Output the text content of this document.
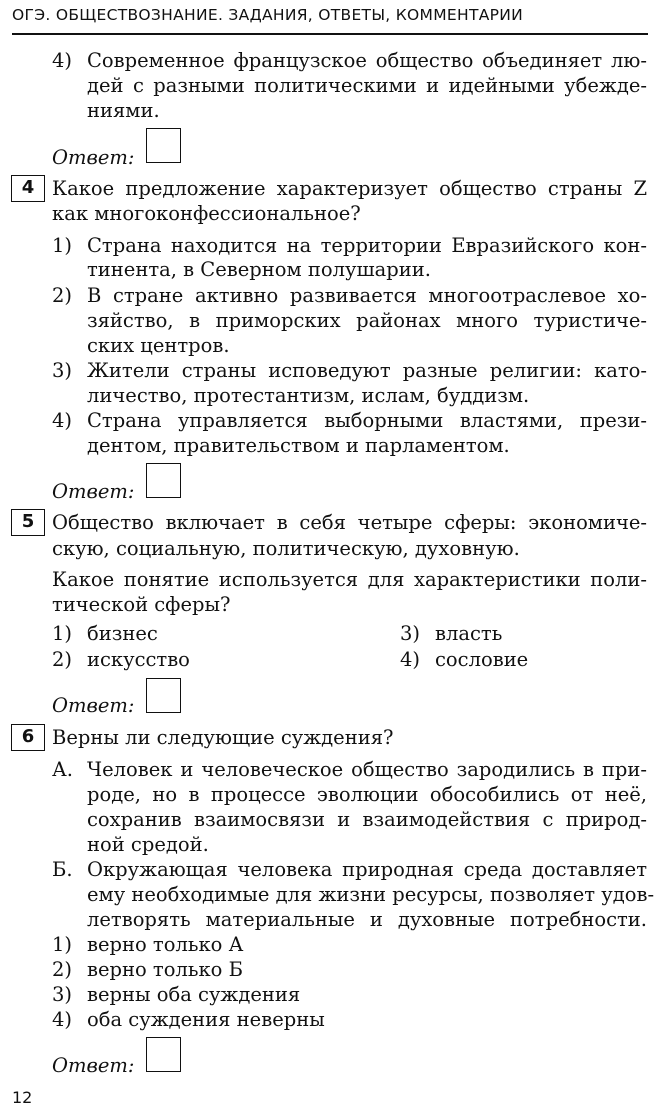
ОГЭ. ОБЩЕСТВОЗНАНИЕ. ЗАДАНИЯ, ОТВЕТЫ, КОММЕНТАРИИ
4) Современное французское общество объединяет лю-
дей с разными политическими и идейными убежде-
ниями.
Ответ:
4 Какое предложение характеризует общество страны Z
как многоконфессиональное?
1) Страна находится на территории Евразийского кон-
тинента, в Северном полушарии.
2) В стране активно развивается многоотраслевое хо-
зяйство, в приморских районах много туристиче-
ских центров.
3) Жители страны исповедуют разные религии: като-
личество, протестантизм, ислам, буддизм.
4) Страна управляется выборными властями, прези-
дентом, правительством и парламентом.
Ответ:
5 Общество включает в себя четыре сферы: экономиче-
скую, социальную, политическую, духовную.
Какое понятие используется для характеристики поли-
тической сферы?
1) бизнес
2) искусство
3) власть
4) сословие
Ответ:
6 Верны ли следующие суждения?
А. Человек и человеческое общество зародились в при-
роде, но в процессе эволюции обособились от неё,
сохранив взаимосвязи и взаимодействия с природ-
ной средой.
Б. Окружающая человека природная среда доставляет
ему необходимые для жизни ресурсы, позволяет удов-
летворять материальные и духовные потребности.
1) верно только А
2) верно только Б
3) верны оба суждения
4) оба суждения неверны
Ответ:
12
